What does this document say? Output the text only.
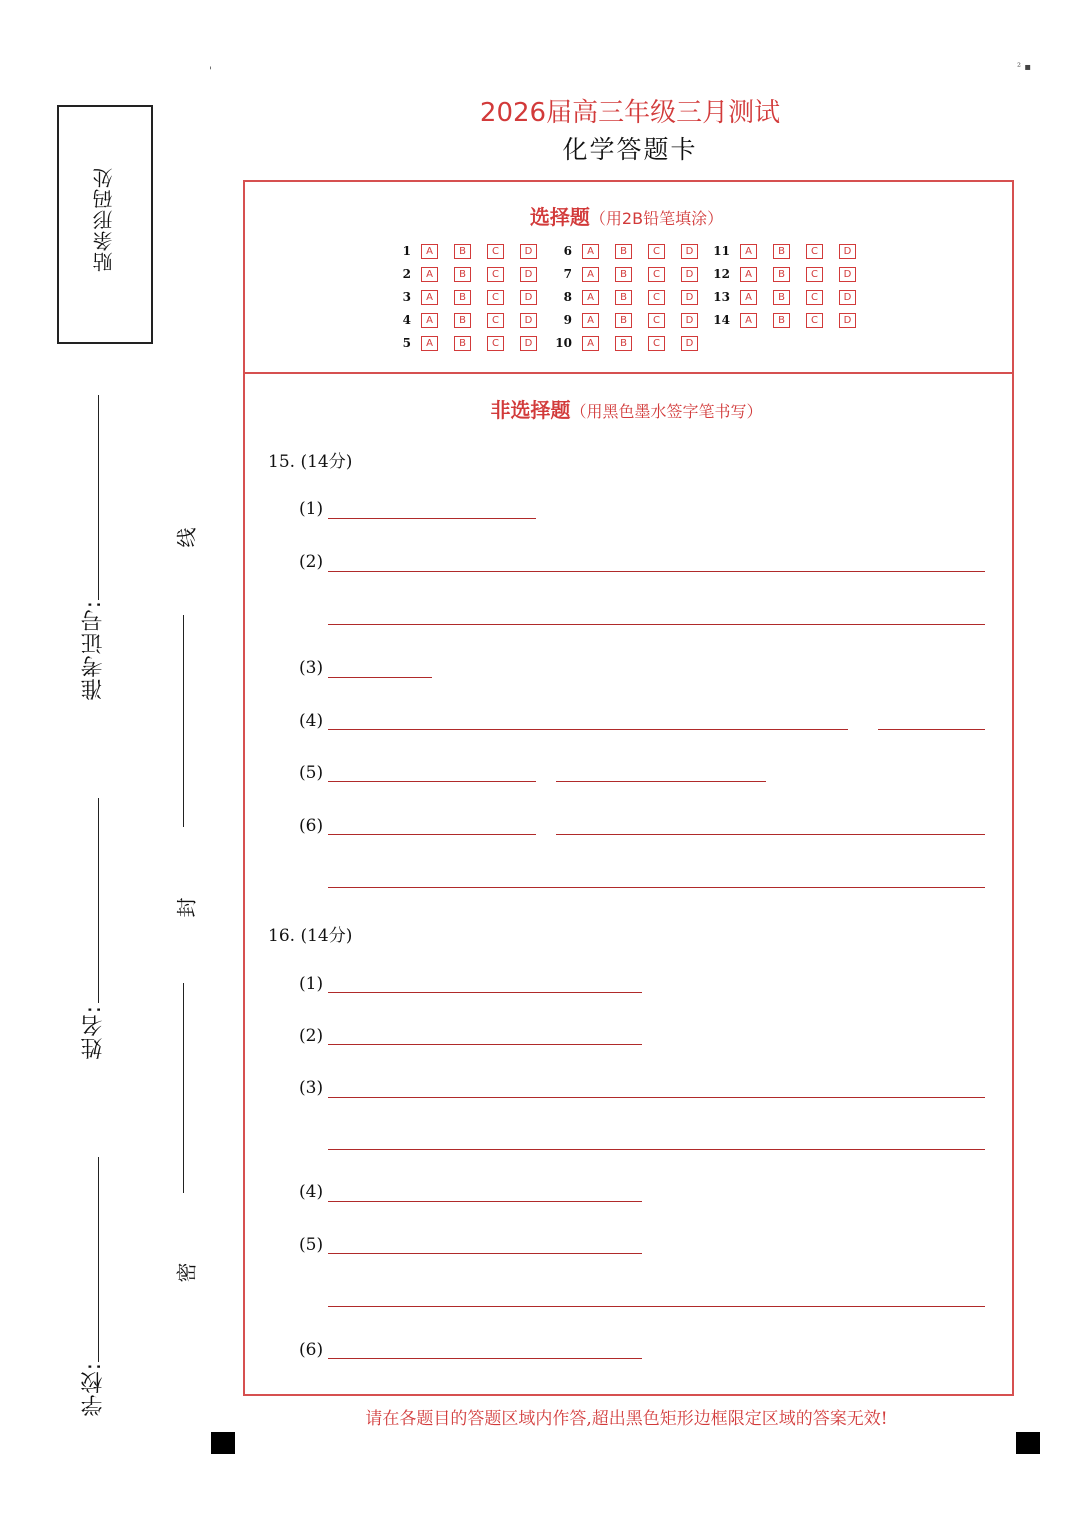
'	² ▪
贴条形码处
准考证号:
姓名:
学校:
线
封
密
2026届高三年级三月测试
化学答题卡
选择题（用2B铅笔填涂）
1	A	B	C	D
2	A	B	C	D
3	A	B	C	D
4	A	B	C	D
5	A	B	C	D
6	A	B	C	D
7	A	B	C	D
8	A	B	C	D
9	A	B	C	D
10	A	B	C	D
11	A	B	C	D
12	A	B	C	D
13	A	B	C	D
14	A	B	C	D
非选择题（用黑色墨水签字笔书写）
15. (14分)
(1)
(2)
(3)
(4)
(5)
(6)
16. (14分)
(1)
(2)
(3)
(4)
(5)
(6)
请在各题目的答题区域内作答,超出黑色矩形边框限定区域的答案无效!
